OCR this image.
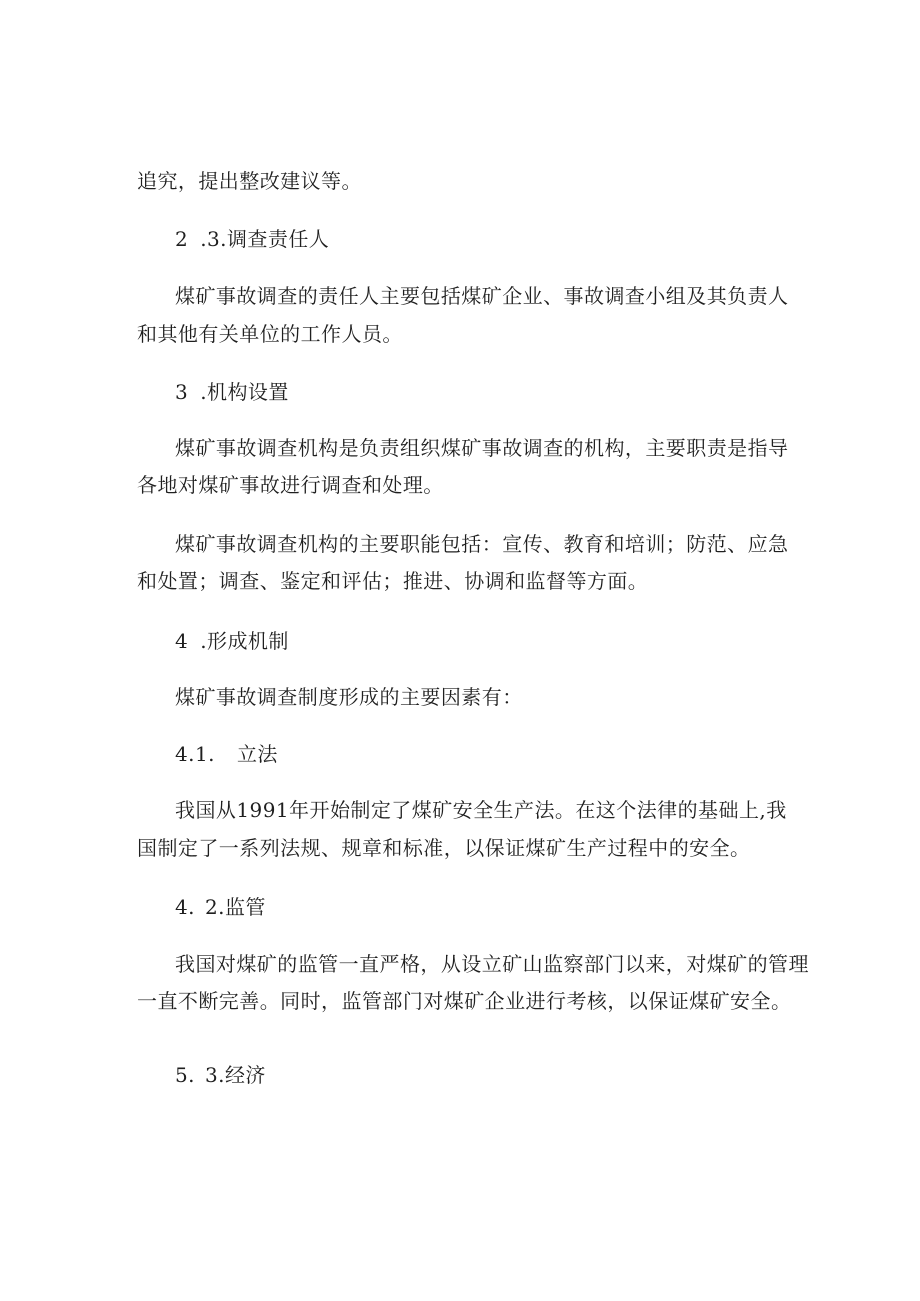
追究，提出整改建议等。

2 .3.调查责任人

煤矿事故调查的责任人主要包括煤矿企业、事故调查小组及其负责人

和其他有关单位的工作人员。

3 .机构设置

煤矿事故调查机构是负责组织煤矿事故调查的机构，主要职责是指导

各地对煤矿事故进行调查和处理。

煤矿事故调查机构的主要职能包括：宣传、教育和培训；防范、应急

和处置；调查、鉴定和评估；推进、协调和监督等方面。

4 .形成机制

煤矿事故调查制度形成的主要因素有：

4.1. 立法

我国从1991年开始制定了煤矿安全生产法。在这个法律的基础上,我

国制定了一系列法规、规章和标准，以保证煤矿生产过程中的安全。

4. 2.监管

我国对煤矿的监管一直严格，从设立矿山监察部门以来，对煤矿的管理

一直不断完善。同时，监管部门对煤矿企业进行考核，以保证煤矿安全。

5. 3.经济
